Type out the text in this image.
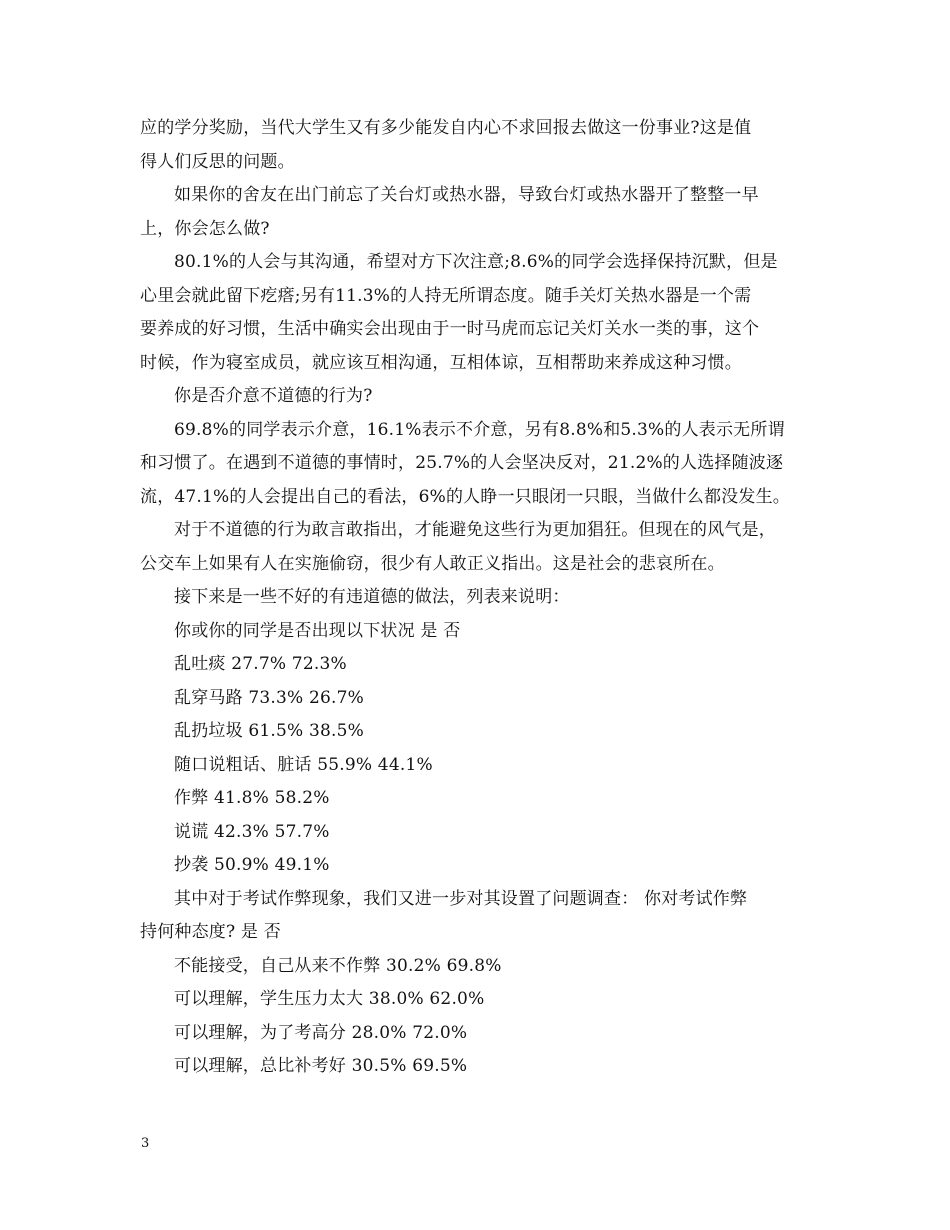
应的学分奖励，当代大学生又有多少能发自内心不求回报去做这一份事业?这是值
得人们反思的问题。
如果你的舍友在出门前忘了关台灯或热水器，导致台灯或热水器开了整整一早
上，你会怎么做?
80.1%的人会与其沟通，希望对方下次注意;8.6%的同学会选择保持沉默，但是
心里会就此留下疙瘩;另有11.3%的人持无所谓态度。随手关灯关热水器是一个需
要养成的好习惯，生活中确实会出现由于一时马虎而忘记关灯关水一类的事，这个
时候，作为寝室成员，就应该互相沟通，互相体谅，互相帮助来养成这种习惯。
你是否介意不道德的行为?
69.8%的同学表示介意，16.1%表示不介意，另有8.8%和5.3%的人表示无所谓
和习惯了。在遇到不道德的事情时，25.7%的人会坚决反对，21.2%的人选择随波逐
流，47.1%的人会提出自己的看法，6%的人睁一只眼闭一只眼，当做什么都没发生。
对于不道德的行为敢言敢指出，才能避免这些行为更加猖狂。但现在的风气是，
公交车上如果有人在实施偷窃，很少有人敢正义指出。这是社会的悲哀所在。
接下来是一些不好的有违道德的做法，列表来说明：
你或你的同学是否出现以下状况 是 否
乱吐痰 27.7% 72.3%
乱穿马路 73.3% 26.7%
乱扔垃圾 61.5% 38.5%
随口说粗话、脏话 55.9% 44.1%
作弊 41.8% 58.2%
说谎 42.3% 57.7%
抄袭 50.9% 49.1%
其中对于考试作弊现象，我们又进一步对其设置了问题调查： 你对考试作弊
持何种态度? 是 否
不能接受，自己从来不作弊 30.2% 69.8%
可以理解，学生压力太大 38.0% 62.0%
可以理解，为了考高分 28.0% 72.0%
可以理解，总比补考好 30.5% 69.5%
3
